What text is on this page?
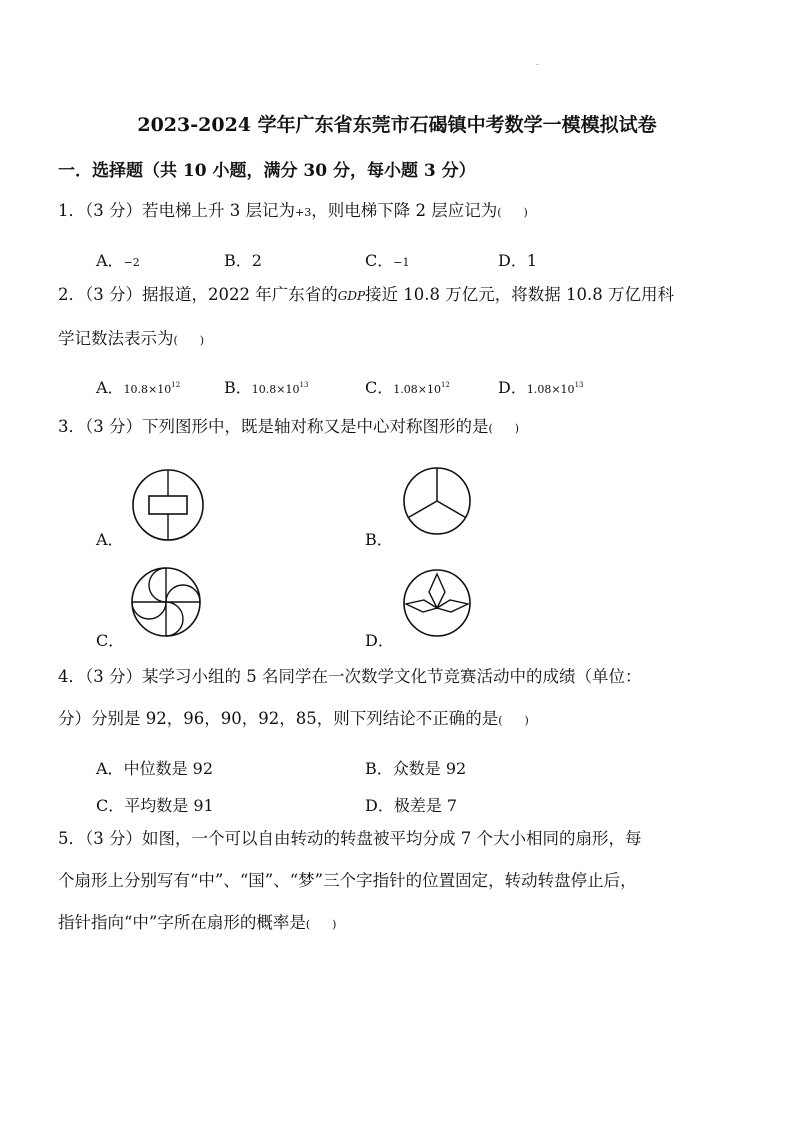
2023-2024 学年广东省东莞市石碣镇中考数学一模模拟试卷
一．选择题（共 10 小题，满分 30 分，每小题 3 分）
1．（3 分）若电梯上升 3 层记为+3，则电梯下降 2 层应记为(　　)
A．−2	B．2	C．−1	D．1
2．（3 分）据报道，2022 年广东省的GDP接近 10.8 万亿元，将数据 10.8 万亿用科
学记数法表示为(　　)
A．$10.8\times 10^{12}$	B．$10.8\times 10^{13}$	C．$1.08\times 10^{12}$	D．$1.08\times 10^{13}$
3．（3 分）下列图形中，既是轴对称又是中心对称图形的是(　　)
A．	B．
C．	D．
4．（3 分）某学习小组的 5 名同学在一次数学文化节竞赛活动中的成绩（单位：
分）分别是 92，96，90，92，85，则下列结论不正确的是(　　)
A．中位数是 92	B．众数是 92
C．平均数是 91	D．极差是 7
5．（3 分）如图，一个可以自由转动的转盘被平均分成 7 个大小相同的扇形，每
个扇形上分别写有“中”、“国”、“梦”三个字指针的位置固定，转动转盘停止后，
指针指向“中”字所在扇形的概率是(　　)
